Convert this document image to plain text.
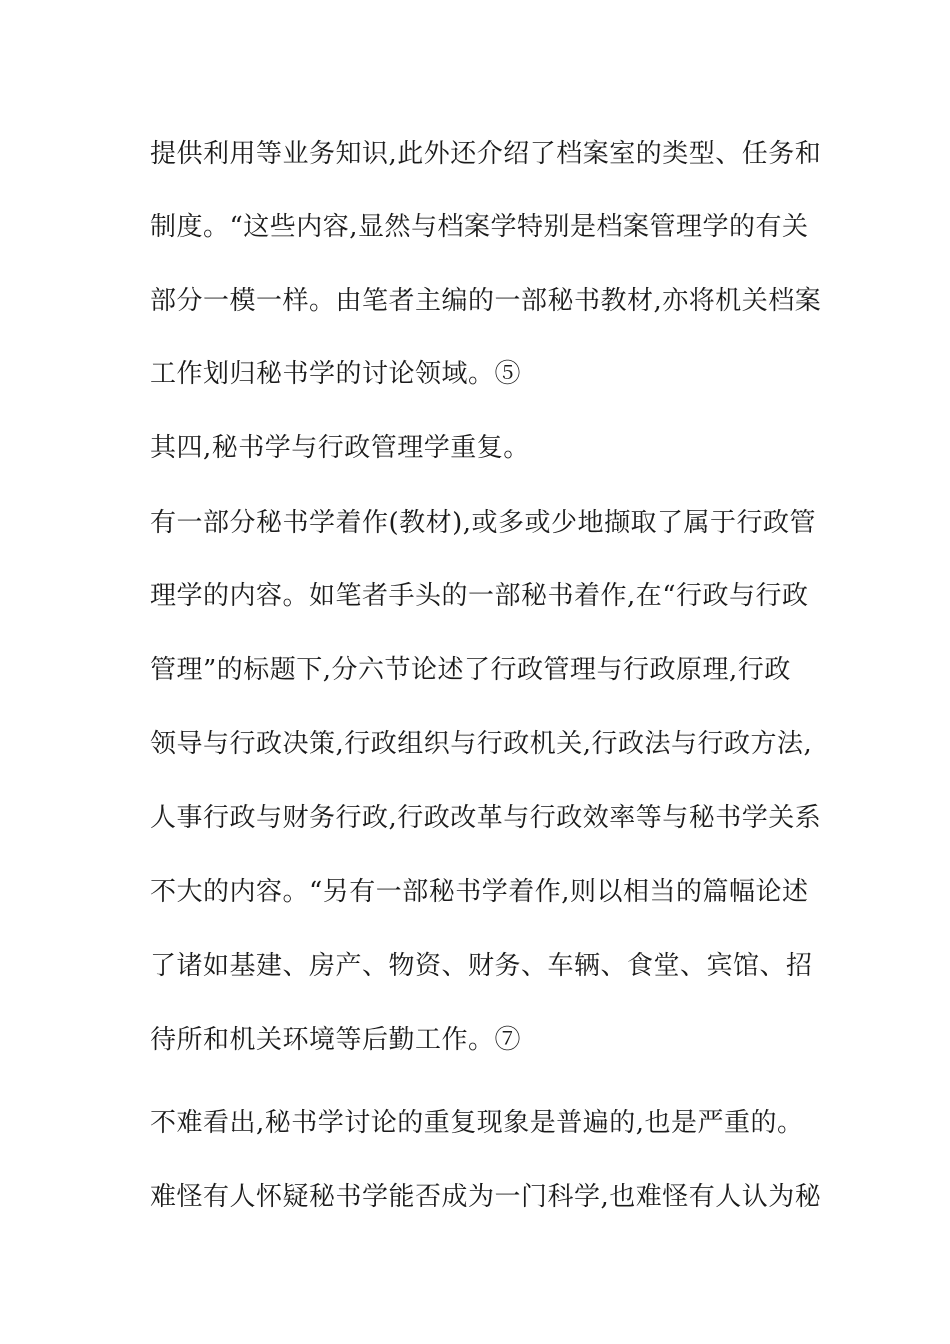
提供利用等业务知识,此外还介绍了档案室的类型、任务和
制度。“这些内容,显然与档案学特别是档案管理学的有关
部分一模一样。由笔者主编的一部秘书教材,亦将机关档案
工作划归秘书学的讨论领域。⑤
其四,秘书学与行政管理学重复。
有一部分秘书学着作(教材),或多或少地撷取了属于行政管
理学的内容。如笔者手头的一部秘书着作,在“行政与行政
管理”的标题下,分六节论述了行政管理与行政原理,行政
领导与行政决策,行政组织与行政机关,行政法与行政方法,
人事行政与财务行政,行政改革与行政效率等与秘书学关系
不大的内容。“另有一部秘书学着作,则以相当的篇幅论述
了诸如基建、房产、物资、财务、车辆、食堂、宾馆、招
待所和机关环境等后勤工作。⑦
不难看出,秘书学讨论的重复现象是普遍的,也是严重的。
难怪有人怀疑秘书学能否成为一门科学,也难怪有人认为秘
